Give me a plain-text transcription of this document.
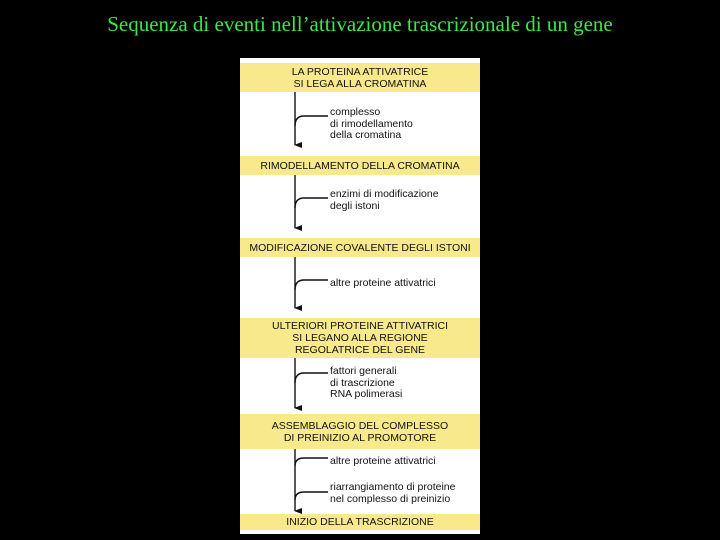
Sequenza di eventi nell’attivazione trascrizionale di un gene
LA PROTEINA ATTIVATRICE
SI LEGA ALLA CROMATINA
complesso
di rimodellamento
della cromatina
RIMODELLAMENTO DELLA CROMATINA
enzimi di modificazione
degli istoni
MODIFICAZIONE COVALENTE DEGLI ISTONI
altre proteine attivatrici
ULTERIORI PROTEINE ATTIVATRICI
SI LEGANO ALLA REGIONE
REGOLATRICE DEL GENE
fattori generali
di trascrizione
RNA polimerasi
ASSEMBLAGGIO DEL COMPLESSO
DI PREINIZIO AL PROMOTORE
altre proteine attivatrici
riarrangiamento di proteine
nel complesso di preinizio
INIZIO DELLA TRASCRIZIONE
